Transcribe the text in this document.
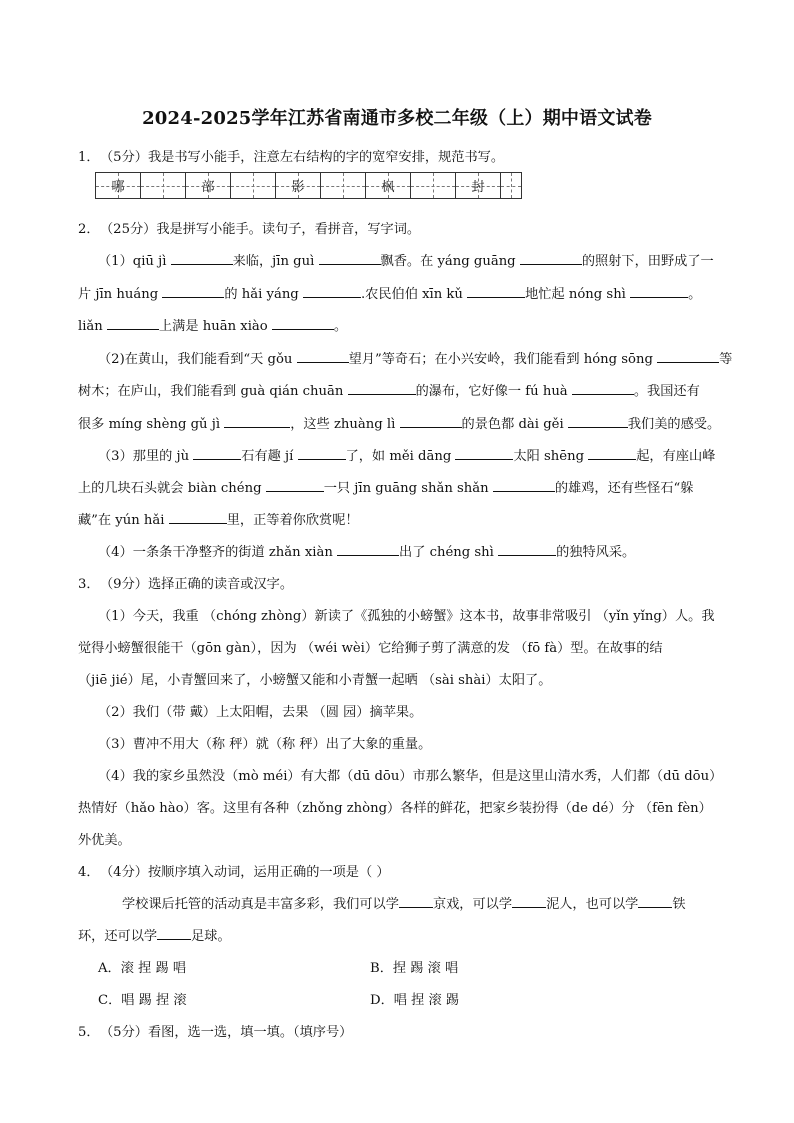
2024-2025学年江苏省南通市多校二年级（上）期中语文试卷
1．（5分）我是书写小能手，注意左右结构的字的宽窄安排，规范书写。
哪	部	影	枫	封
2．（25分）我是拼写小能手。读句子，看拼音，写字词。
（1）qiū jì	来临，jīn guì	飘香。在 yáng guāng	的照射下，田野成了一
片 jīn huáng	的 hǎi yáng	.农民伯伯 xīn kǔ	地忙起 nóng shì	。
liǎn	上满是 huān xiào	。
（2)在黄山，我们能看到“天 gǒu	望月”等奇石；在小兴安岭，我们能看到 hóng sōng	等
树木；在庐山，我们能看到 guà qián chuān	的瀑布，它好像一 fú huà	。我国还有
很多 míng shèng gǔ jì	，这些 zhuàng lì	的景色都 dài gěi	我们美的感受。
（3）那里的 jù	石有趣 jí	了，如 měi dāng	太阳 shēng	起，有座山峰
上的几块石头就会 biàn chéng	一只 jīn guāng shǎn shǎn	的雄鸡，还有些怪石“躲
藏”在 yún hǎi	里，正等着你欣赏呢！
（4）一条条干净整齐的街道 zhǎn xiàn	出了 chéng shì	的独特风采。
3．（9分）选择正确的读音或汉字。
（1）今天，我重 （chóng zhòng）新读了《孤独的小螃蟹》这本书，故事非常吸引 （yǐn yǐng）人。我
觉得小螃蟹很能干（gōn gàn），因为 （wéi wèi）它给狮子剪了满意的发 （fō fà）型。在故事的结
（jiē jié）尾，小青蟹回来了，小螃蟹又能和小青蟹一起晒 （sài shài）太阳了。
（2）我们（带 戴）上太阳帽，去果 （圆 园）摘苹果。
（3）曹冲不用大（称 秤）就（称 秤）出了大象的重量。
（4）我的家乡虽然没（mò méi）有大都（dū dōu）市那么繁华，但是这里山清水秀，人们都（dū dōu）
热情好（hǎo hào）客。这里有各种（zhǒng zhòng）各样的鲜花，把家乡装扮得（de dé）分 （fēn fèn）
外优美。
4．（4分）按顺序填入动词，运用正确的一项是（ ）
学校课后托管的活动真是丰富多彩，我们可以学	京戏，可以学	泥人，也可以学	铁
环，还可以学	足球。
A．滚 捏 踢 唱	B．捏 踢 滚 唱
C．唱 踢 捏 滚	D．唱 捏 滚 踢
5．（5分）看图，选一选，填一填。（填序号）
